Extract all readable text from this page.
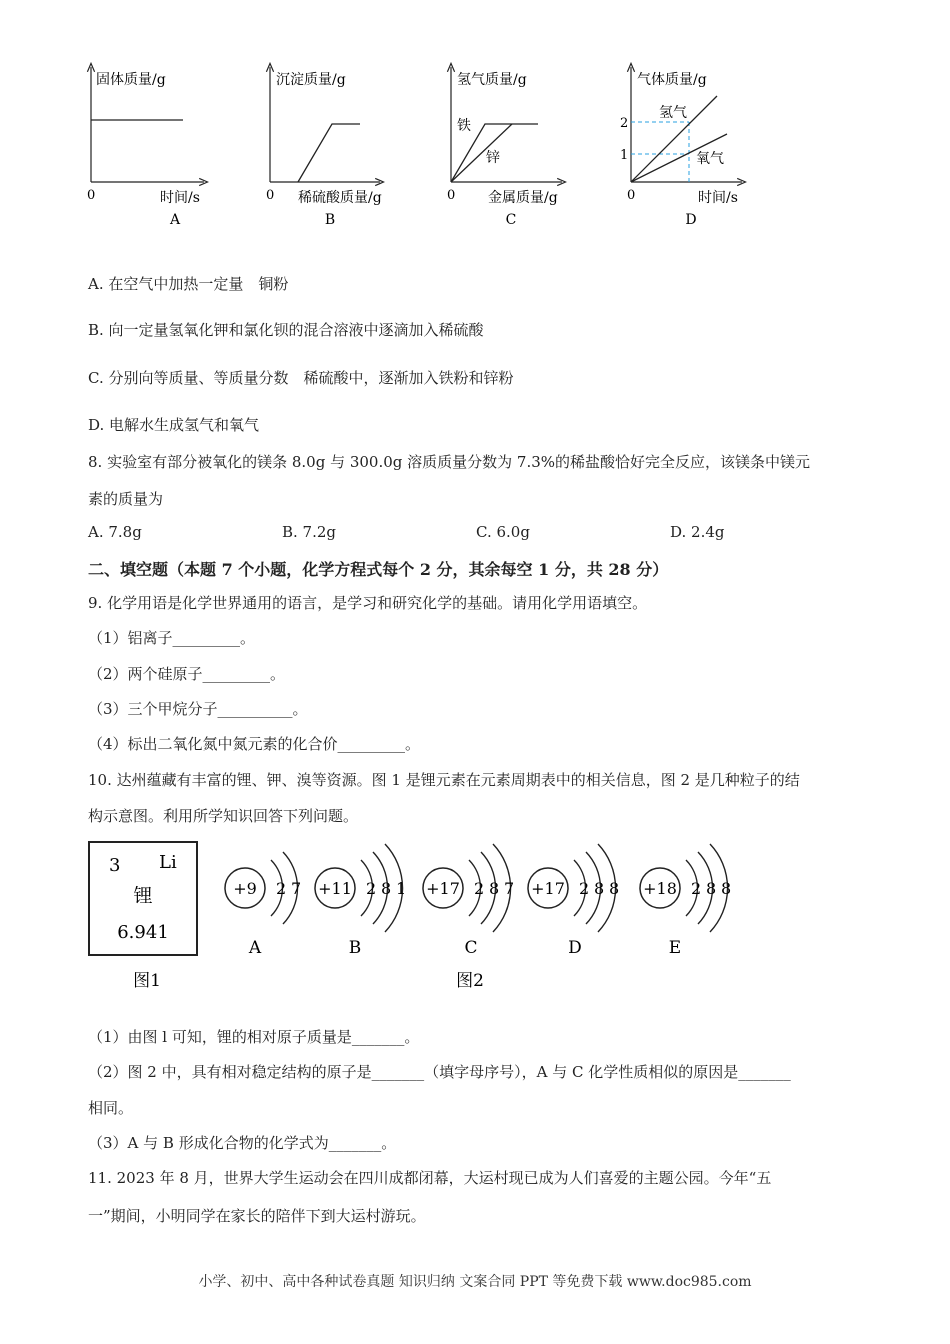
固体质量/g
时间/s
0
A
沉淀质量/g
稀硫酸质量/g
0
B
氢气质量/g
金属质量/g
0
铁
锌
C
气体质量/g
时间/s
0
2
1
氢气
氧气
D
A. 在空气中加热一定量　铜粉
B. 向一定量氢氧化钾和氯化钡的混合溶液中逐滴加入稀硫酸
C. 分别向等质量、等质量分数　稀硫酸中，逐渐加入铁粉和锌粉
D. 电解水生成氢气和氧气
8. 实验室有部分被氧化的镁条 8.0g 与 300.0g 溶质质量分数为 7.3%的稀盐酸恰好完全反应，该镁条中镁元
素的质量为
A. 7.8g	B. 7.2g	C. 6.0g	D. 2.4g
二、填空题（本题 7 个小题，化学方程式每个 2 分，其余每空 1 分，共 28 分）
9. 化学用语是化学世界通用的语言，是学习和研究化学的基础。请用化学用语填空。
（1）铝离子_________。
（2）两个硅原子_________。
（3）三个甲烷分子__________。
（4）标出二氧化氮中氮元素的化合价_________。
10. 达州蕴藏有丰富的锂、钾、溴等资源。图 1 是锂元素在元素周期表中的相关信息，图 2 是几种粒子的结
构示意图。利用所学知识回答下列问题。
3 Li
锂
6.941
图1
+9 2 7
A
+11 2 8 1
B
+17 2 8 7
C
+17 2 8 8
D
+18 2 8 8
E
图2
（1）由图 l 可知，锂的相对原子质量是_______。
（2）图 2 中，具有相对稳定结构的原子是_______（填字母序号），A 与 C 化学性质相似的原因是_______
相同。
（3）A 与 B 形成化合物的化学式为_______。
11. 2023 年 8 月，世界大学生运动会在四川成都闭幕，大运村现已成为人们喜爱的主题公园。今年“五
一”期间，小明同学在家长的陪伴下到大运村游玩。
小学、初中、高中各种试卷真题 知识归纳 文案合同 PPT 等免费下载 www.doc985.com
